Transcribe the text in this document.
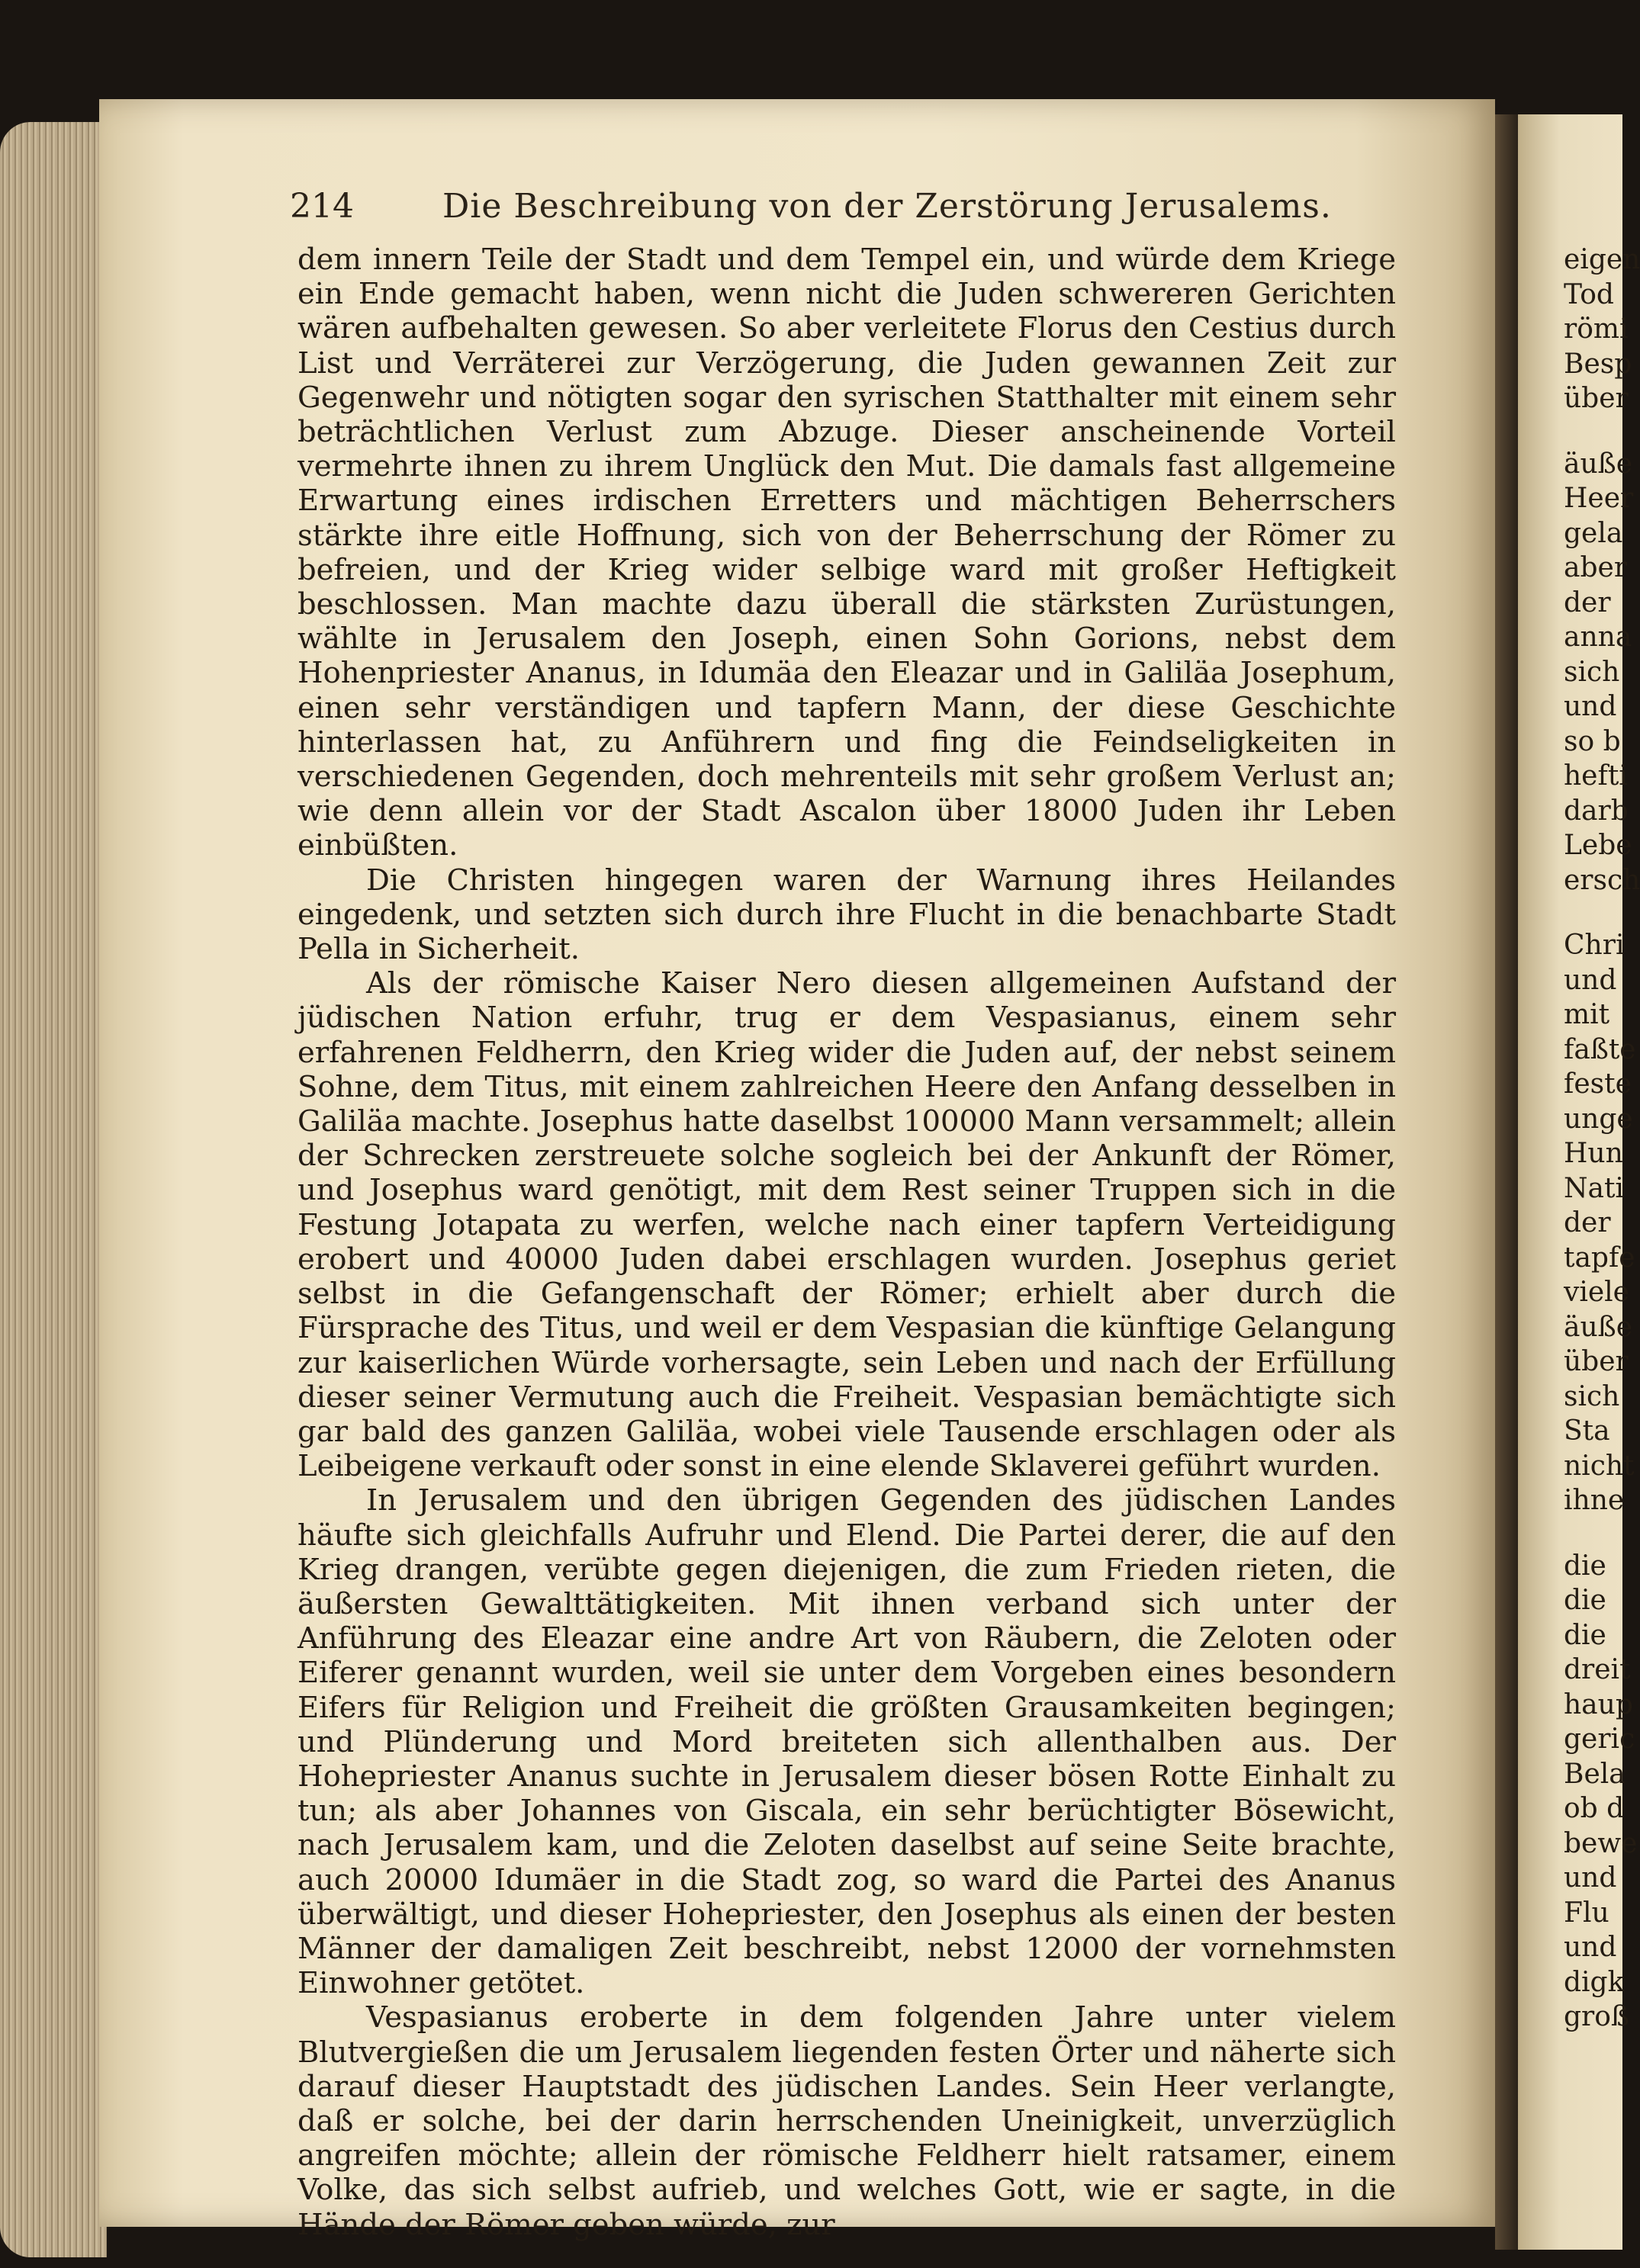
214	Die Beschreibung von der Zerstörung Jerusalems.

dem innern Teile der Stadt und dem Tempel ein, und würde dem Kriege ein Ende gemacht haben, wenn nicht die Juden schwereren Gerichten wären aufbehalten gewesen. So aber verleitete Florus den Cestius durch List und Verräterei zur Verzögerung, die Juden gewannen Zeit zur Gegenwehr und nötigten sogar den syrischen Statthalter mit einem sehr beträchtlichen Verlust zum Abzuge. Dieser anscheinende Vorteil vermehrte ihnen zu ihrem Unglück den Mut. Die damals fast allgemeine Erwartung eines irdischen Erretters und mächtigen Beherrschers stärkte ihre eitle Hoffnung, sich von der Beherrschung der Römer zu befreien, und der Krieg wider selbige ward mit großer Heftigkeit beschlossen. Man machte dazu überall die stärksten Zurüstungen, wählte in Jerusalem den Joseph, einen Sohn Gorions, nebst dem Hohenpriester Ananus, in Idumäa den Eleazar und in Galiläa Josephum, einen sehr verständigen und tapfern Mann, der diese Geschichte hinterlassen hat, zu Anführern und fing die Feindseligkeiten in verschiedenen Gegenden, doch mehrenteils mit sehr großem Verlust an; wie denn allein vor der Stadt Ascalon über 18000 Juden ihr Leben einbüßten.

Die Christen hingegen waren der Warnung ihres Heilandes eingedenk, und setzten sich durch ihre Flucht in die benachbarte Stadt Pella in Sicherheit.

Als der römische Kaiser Nero diesen allgemeinen Aufstand der jüdischen Nation erfuhr, trug er dem Vespasianus, einem sehr erfahrenen Feldherrn, den Krieg wider die Juden auf, der nebst seinem Sohne, dem Titus, mit einem zahlreichen Heere den Anfang desselben in Galiläa machte. Josephus hatte daselbst 100000 Mann versammelt; allein der Schrecken zerstreuete solche sogleich bei der Ankunft der Römer, und Josephus ward genötigt, mit dem Rest seiner Truppen sich in die Festung Jotapata zu werfen, welche nach einer tapfern Verteidigung erobert und 40000 Juden dabei erschlagen wurden. Josephus geriet selbst in die Gefangenschaft der Römer; erhielt aber durch die Fürsprache des Titus, und weil er dem Vespasian die künftige Gelangung zur kaiserlichen Würde vorhersagte, sein Leben und nach der Erfüllung dieser seiner Vermutung auch die Freiheit. Vespasian bemächtigte sich gar bald des ganzen Galiläa, wobei viele Tausende erschlagen oder als Leibeigene verkauft oder sonst in eine elende Sklaverei geführt wurden.

In Jerusalem und den übrigen Gegenden des jüdischen Landes häufte sich gleichfalls Aufruhr und Elend. Die Partei derer, die auf den Krieg drangen, verübte gegen diejenigen, die zum Frieden rieten, die äußersten Gewalttätigkeiten. Mit ihnen verband sich unter der Anführung des Eleazar eine andre Art von Räubern, die Zeloten oder Eiferer genannt wurden, weil sie unter dem Vorgeben eines besondern Eifers für Religion und Freiheit die größten Grausamkeiten begingen; und Plünderung und Mord breiteten sich allenthalben aus. Der Hohepriester Ananus suchte in Jerusalem dieser bösen Rotte Einhalt zu tun; als aber Johannes von Giscala, ein sehr berüchtigter Bösewicht, nach Jerusalem kam, und die Zeloten daselbst auf seine Seite brachte, auch 20000 Idumäer in die Stadt zog, so ward die Partei des Ananus überwältigt, und dieser Hohepriester, den Josephus als einen der besten Männer der damaligen Zeit beschreibt, nebst 12000 der vornehmsten Einwohner getötet.

Vespasianus eroberte in dem folgenden Jahre unter vielem Blutvergießen die um Jerusalem liegenden festen Örter und näherte sich darauf dieser Hauptstadt des jüdischen Landes. Sein Heer verlangte, daß er solche, bei der darin herrschenden Uneinigkeit, unverzüglich angreifen möchte; allein der römische Feldherr hielt ratsamer, einem Volke, das sich selbst aufrieb, und welches Gott, wie er sagte, in die Hände der Römer geben würde, zur

eigen
Tod
römi
Besp
über
äuße
Heer
gela
aber
der
anna
sich
und
so b
hefti
darb
Lebe
ersch
Chri
und
mit
faßte
feste
unge
Hun
Nati
der
tapfe
viele
äuße
über
sich
Sta
nicht
ihne
die
die
die
dreit
haup
geric
Bela
ob d
bewe
und
Flu
und
digk
groß
